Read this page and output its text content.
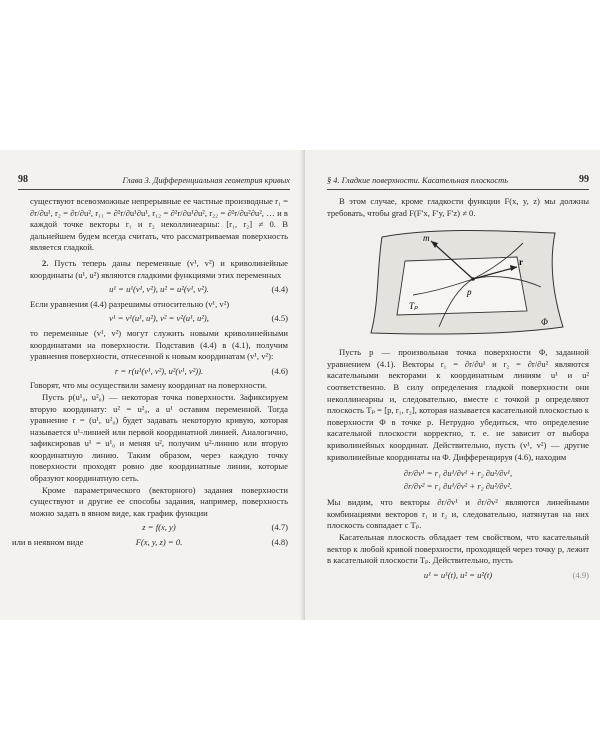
98	Глава 3. Дифференциальная геометрия кривых

существуют всевозможные непрерывные ее частные производные r₁ = ∂r/∂u¹, r₂ = ∂r/∂u², r₁₁ = ∂²r/∂u¹∂u¹, r₁₂ = ∂²r/∂u¹∂u², r₂₂ = ∂²r/∂u²∂u², … и в каждой точке векторы r₁ и r₂ неколлинеарны: [r₁, r₂] ≠ 0. В дальнейшем будем всегда считать, что рассматриваемая поверхность является гладкой.

2. Пусть теперь даны переменные (v¹, v²) и криволинейные координаты (u¹, u²) являются гладкими функциями этих переменных

u¹ = u¹(v¹, v²), u² = u²(v¹, v²).	(4.4)

Если уравнения (4.4) разрешимы относительно (v¹, v²)

v¹ = v¹(u¹, u²), v² = v²(u¹, u²),	(4.5)

то переменные (v¹, v²) могут служить новыми криволинейными координатами на поверхности. Подставив (4.4) в (4.1), получим уравнения поверхности, отнесенной к новым координатам (v¹, v²):

r = r(u¹(v¹, v²), u²(v¹, v²)).	(4.6)

Говорят, что мы осуществили замену координат на поверхности.

Пусть p(u¹₀, u²₀) — некоторая точка поверхности. Зафиксируем вторую координату: u² = u²₀, а u¹ оставим переменной. Тогда уравнение r = (u¹, u²₀) будет задавать некоторую кривую, которая называется u¹-линией или первой координатной линией. Аналогично, зафиксировав u¹ = u¹₀ и меняя u², получим u²-линию или вторую координатную линию. Таким образом, через каждую точку поверхности проходят ровно две координатные линии, которые образуют координатную сеть.

Кроме параметрического (векторного) задания поверхности существуют и другие ее способы задания, например, поверхность можно задать в явном виде, как график функции

z = f(x, y)	(4.7)
или в неявном виде	F(x, y, z) = 0.	(4.8)
§ 4. Гладкие поверхности. Касательная плоскость	99

В этом случае, кроме гладкости функции F(x, y, z) мы должны требовать, чтобы grad F(F′x, F′y, F′z) ≠ 0.

m
r
p
Tₚ
Φ

Пусть p — произвольная точка поверхности Φ, заданной уравнением (4.1). Векторы r₁ = ∂r/∂u¹ и r₂ = ∂r/∂u² являются касательными векторами к координатным линиям u¹ и u² соответственно. В силу определения гладкой поверхности они неколлинеарны и, следовательно, вместе с точкой p определяют плоскость Tₚ = [p, r₁, r₂], которая называется касательной плоскостью к поверхности Φ в точке p. Нетрудно убедиться, что определение касательной плоскости корректно, т. е. не зависит от выбора криволинейных координат. Действительно, пусть (v¹, v²) — другие криволинейные координаты на Φ. Дифференцируя (4.6), находим

∂r/∂v¹ = r₁ ∂u¹/∂v¹ + r₂ ∂u²/∂v¹,
∂r/∂v² = r₁ ∂u¹/∂v² + r₂ ∂u²/∂v².

Мы видим, что векторы ∂r/∂v¹ и ∂r/∂v² являются линейными комбинациями векторов r₁ и r₂ и, следовательно, натянутая на них плоскость совпадает с Tₚ.

Касательная плоскость обладает тем свойством, что касательный вектор к любой кривой поверхности, проходящей через точку p, лежит в касательной плоскости Tₚ. Действительно, пусть

u¹ = u¹(t), u² = u²(t)	(4.9)
